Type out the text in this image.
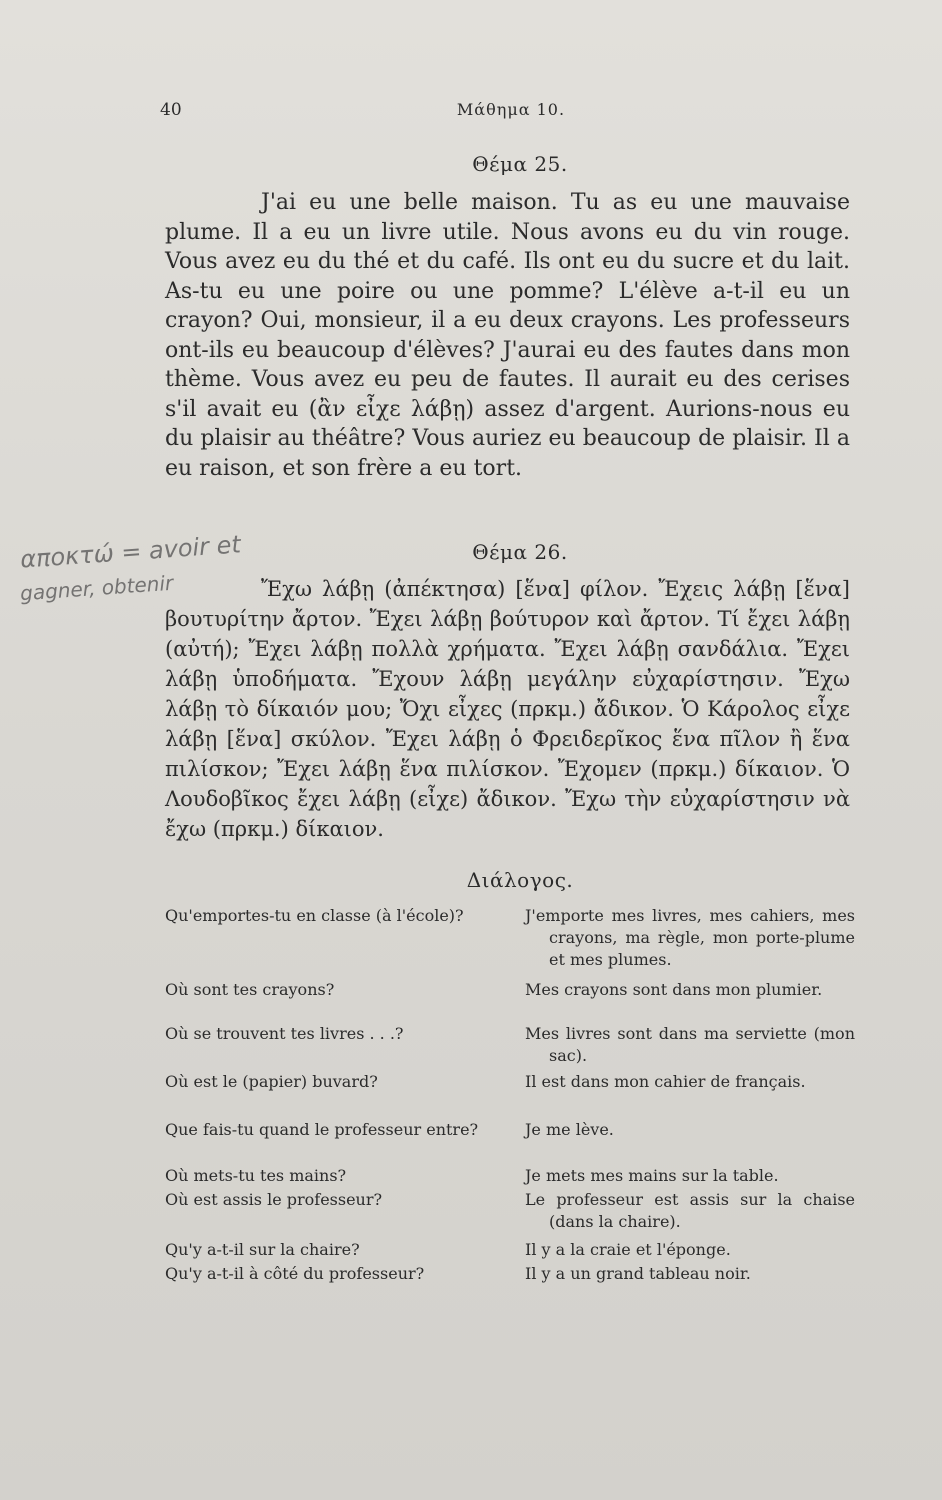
40	Μάθημα 10.
Θέμα 25.

J'ai eu une belle maison. Tu as eu une mauvaise plume. Il a eu un livre utile. Nous avons eu du vin rouge. Vous avez eu du thé et du café. Ils ont eu du sucre et du lait. As-tu eu une poire ou une pomme? L'élève a-t-il eu un crayon? Oui, monsieur, il a eu deux crayons. Les professeurs ont-ils eu beaucoup d'élèves? J'aurai eu des fautes dans mon thème. Vous avez eu peu de fautes. Il aurait eu des cerises s'il avait eu (ἂν εἶχε λάβῃ) assez d'argent. Aurions-nous eu du plaisir au théâtre? Vous auriez eu beaucoup de plaisir. Il a eu raison, et son frère a eu tort.

αποκτώ = avoir et
gagner, obtenir
Θέμα 26.

Ἔχω λάβῃ (ἀπέκτησα) [ἕνα] φίλον. Ἔχεις λάβῃ [ἕνα] βουτυρίτην ἄρτον. Ἔχει λάβῃ βούτυρον καὶ ἄρτον. Τί ἔχει λάβῃ (αὐτή); Ἔχει λάβῃ πολλὰ χρήματα. Ἔχει λάβῃ σανδάλια. Ἔχει λάβῃ ὑποδήματα. Ἔχουν λάβῃ μεγάλην εὐχαρίστησιν. Ἔχω λάβῃ τὸ δίκαιόν μου; Ὄχι εἶχες (πρκμ.) ἄδικον. Ὁ Κάρολος εἶχε λάβῃ [ἕνα] σκύλον. Ἔχει λάβῃ ὁ Φρειδερῖκος ἕνα πῖλον ἢ ἕνα πιλίσκον; Ἔχει λάβῃ ἕνα πιλίσκον. Ἔχομεν (πρκμ.) δίκαιον. Ὁ Λουδοβῖκος ἔχει λάβῃ (εἶχε) ἄδικον. Ἔχω τὴν εὐχαρίστησιν νὰ ἔχω (πρκμ.) δίκαιον.

Διάλογος.
Qu'emportes-tu en classe (à l'école)?	J'emporte mes livres, mes cahiers, mes crayons, ma règle, mon porte-plume et mes plumes.
Où sont tes crayons?	Mes crayons sont dans mon plumier.
Où se trouvent tes livres . . .?	Mes livres sont dans ma serviette (mon sac).
Où est le (papier) buvard?	Il est dans mon cahier de français.
Que fais-tu quand le professeur entre?	Je me lève.
Où mets-tu tes mains?	Je mets mes mains sur la table.
Où est assis le professeur?	Le professeur est assis sur la chaise (dans la chaire).
Qu'y a-t-il sur la chaire?	Il y a la craie et l'éponge.
Qu'y a-t-il à côté du professeur?	Il y a un grand tableau noir.
